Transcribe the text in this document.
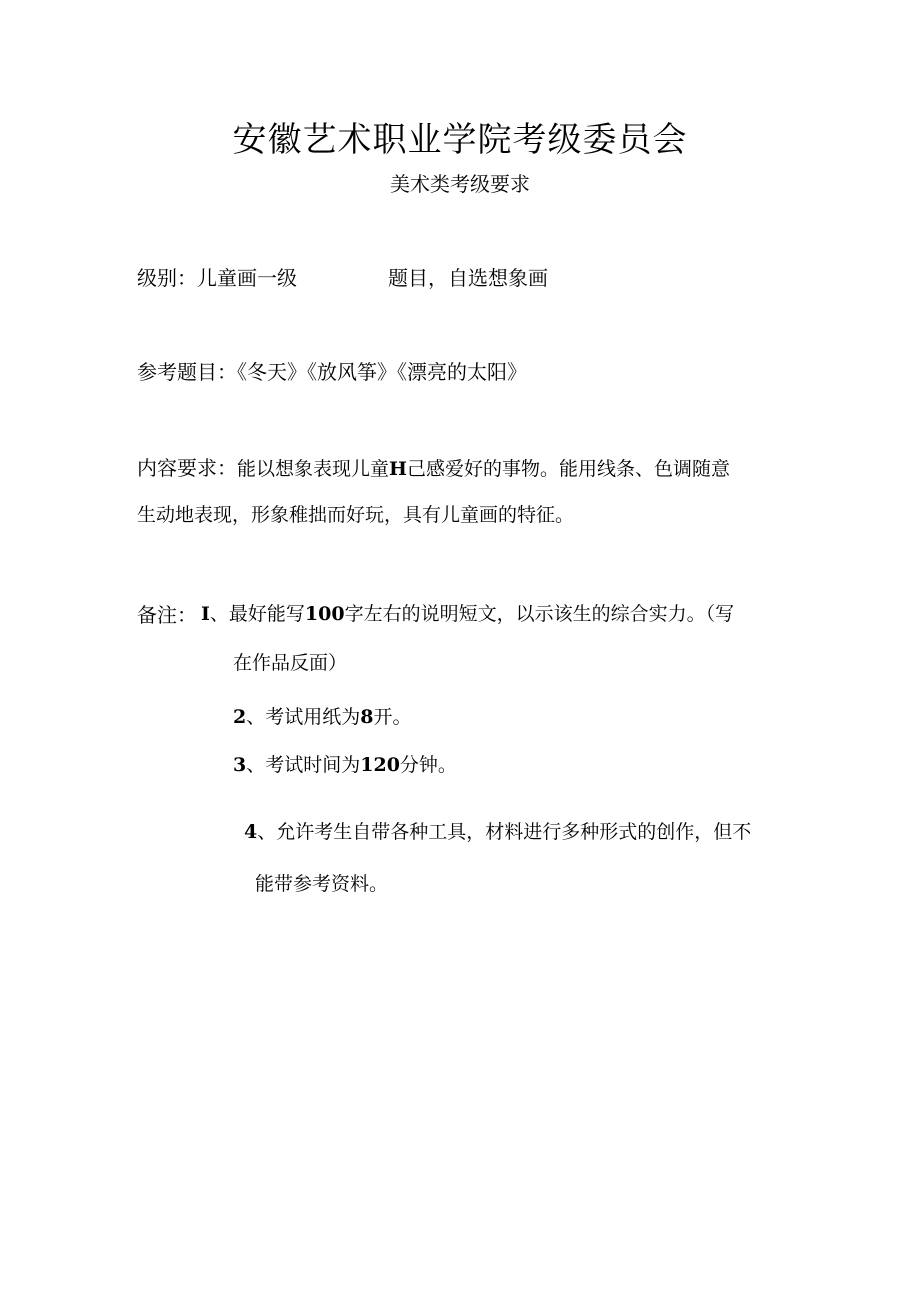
安徽艺术职业学院考级委员会
美术类考级要求
级别：儿童画一级	题目，自选想象画
参考题目：《冬天》《放风筝》《漂亮的太阳》
内容要求：能以想象表现儿童H己感爱好的事物。能用线条、色调随意
生动地表现，形象稚拙而好玩，具有儿童画的特征。
备注： I、最好能写100字左右的说明短文，以示该生的综合实力。（写
在作品反面）
2、考试用纸为8开。
3、考试时间为120分钟。
4、允许考生自带各种工具，材料进行多种形式的创作，但不
能带参考资料。
